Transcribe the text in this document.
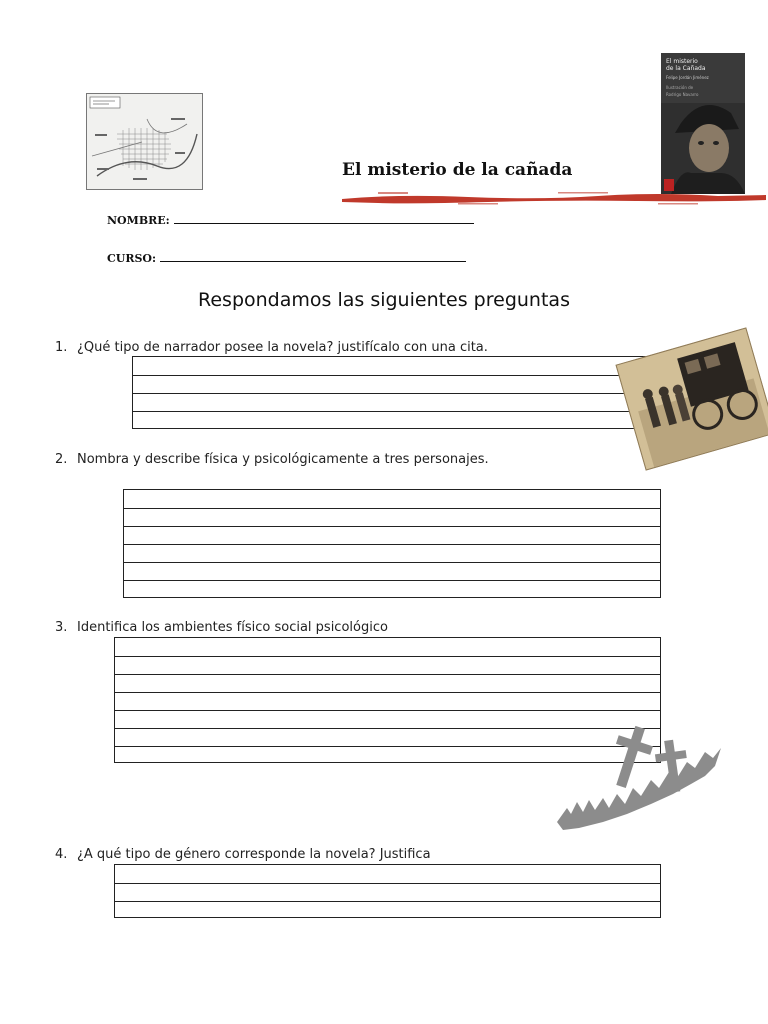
El misterio de la cañada
El misterio
de la Cañada
Felipe Jordán Jiménez
Ilustración de
Rodrigo Navarro
NOMBRE:
CURSO:
Respondamos las siguientes preguntas
1. ¿Qué tipo de narrador posee la novela? justifícalo con una cita.
2. Nombra y describe física y psicológicamente a tres personajes.
3. Identifica los ambientes físico social psicológico
4. ¿A qué tipo de género corresponde la novela? Justifica
